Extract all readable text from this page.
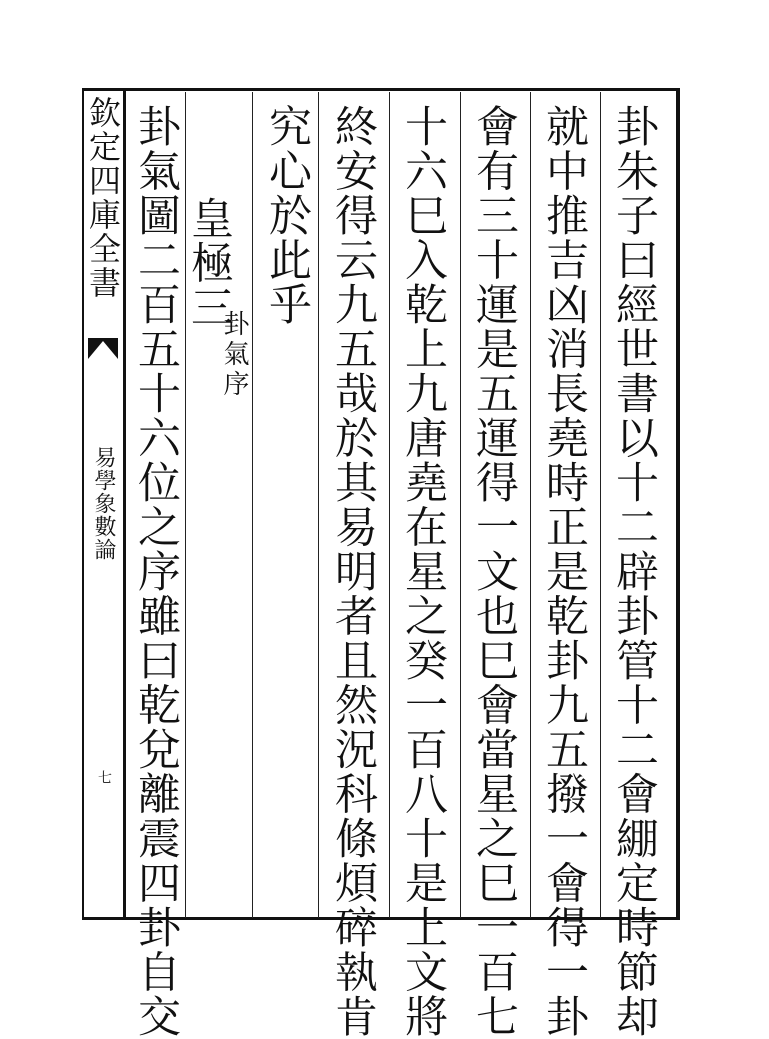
欽定四庫全書
易學象數論
七	卦朱子曰經世書以十二辟卦管十二會綳定時節却
就中推吉凶消長堯時正是乾卦九五撥一會得一卦
會有三十運是五運得一文也巳會當星之巳一百七
十六巳入乾上九唐堯在星之癸一百八十是上文將
終安得云九五哉於其易明者且然況科條煩碎執肯
究心於此乎
皇極三
卦氣序
卦氣圖二百五十六位之序雖曰乾兌離震四卦自交
